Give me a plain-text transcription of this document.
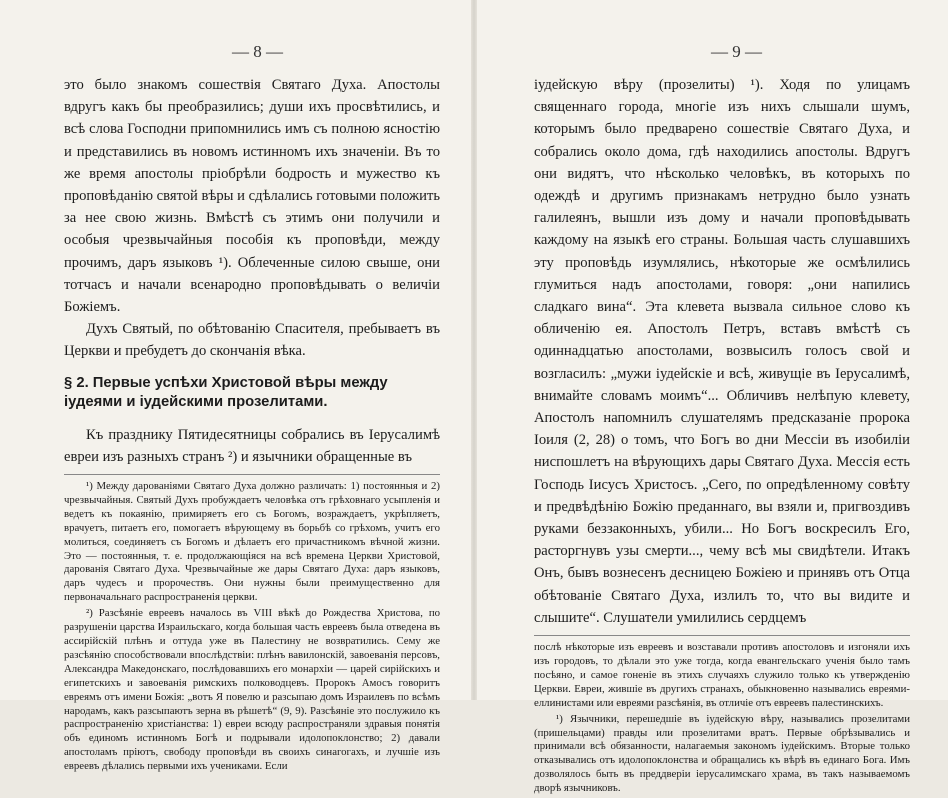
— 8 —

это было знакомъ сошествія Святаго Духа. Апостолы вдругъ какъ бы преобразились; души ихъ просвѣтились, и всѣ слова Господни припомнились имъ съ полною ясностію и представились въ новомъ истинномъ ихъ значеніи. Въ то же время апостолы пріобрѣли бодрость и мужество къ проповѣданію святой вѣры и сдѣлались готовыми положить за нее свою жизнь. Вмѣстѣ съ этимъ они получили и особыя чрезвычайныя пособія къ проповѣди, между прочимъ, даръ языковъ ¹). Облеченные силою свыше, они тотчасъ и начали всенародно проповѣдывать о величіи Божіемъ.

Духъ Святый, по обѣтованію Спасителя, пребываетъ въ Церкви и пребудетъ до скончанія вѣка.

§ 2. Первые успѣхи Христовой вѣры между іудеями и іудейскими прозелитами.

Къ празднику Пятидесятницы собрались въ Іерусалимѣ евреи изъ разныхъ странъ ²) и язычники обращенные въ

¹) Между дарованіями Святаго Духа должно различать: 1) постоянныя и 2) чрезвычайныя. Святый Духъ пробуждаетъ человѣка отъ грѣховнаго усыпленія и ведетъ къ покаянію, примиряетъ его съ Богомъ, возраждаетъ, укрѣпляетъ, врачуетъ, питаетъ его, помогаетъ вѣрующему въ борьбѣ со грѣхомъ, учитъ его молиться, соединяетъ съ Богомъ и дѣлаетъ его причастникомъ вѣчной жизни. Это — постоянныя, т. е. продолжающіяся на всѣ времена Церкви Христовой, дарованія Святаго Духа. Чрезвычайные же дары Святаго Духа: даръ языковъ, даръ чудесъ и пророчествъ. Они нужны были преимущественно для первоначальнаго распространенія церкви.

²) Разсѣяніе евреевъ началось въ VIII вѣкѣ до Рождества Христова, по разрушеніи царства Израильскаго, когда большая часть евреевъ была отведена въ ассирійскій плѣнъ и оттуда уже въ Палестину не возвратились. Сему же разсѣянію способствовали впослѣдствіи: плѣнъ вавилонскій, завоеванія персовъ, Александра Македонскаго, послѣдовавшихъ его монархіи — царей сирійскихъ и египетскихъ и завоеванія римскихъ полководцевъ. Пророкъ Амосъ говоритъ евреямъ отъ имени Божія: „вотъ Я повелю и разсыпаю домъ Израилевъ по всѣмъ народамъ, какъ разсыпаютъ зерна въ рѣшетѣ“ (9, 9). Разсѣяніе это послужило къ распространенію христіанства: 1) евреи всюду распространяли здравыя понятія объ единомъ истинномъ Богѣ и подрывали идолопоклонство; 2) давали апостоламъ пріютъ, свободу проповѣди въ своихъ синагогахъ, и лучшіе изъ евреевъ дѣлались первыми ихъ учениками. Если

— 9 —

іудейскую вѣру (прозелиты) ¹). Ходя по улицамъ священнаго города, многіе изъ нихъ слышали шумъ, которымъ было предварено сошествіе Святаго Духа, и собрались около дома, гдѣ находились апостолы. Вдругъ они видятъ, что нѣсколько человѣкъ, въ которыхъ по одеждѣ и другимъ признакамъ нетрудно было узнать галилеянъ, вышли изъ дому и начали проповѣдывать каждому на языкѣ его страны. Большая часть слушавшихъ эту проповѣдь изумлялись, нѣкоторые же осмѣлились глумиться надъ апостолами, говоря: „они напились сладкаго вина“. Эта клевета вызвала сильное слово къ обличенію ея. Апостолъ Петръ, вставъ вмѣстѣ съ одиннадцатью апостолами, возвысилъ голосъ свой и возгласилъ: „мужи іудейскіе и всѣ, живущіе въ Іерусалимѣ, внимайте словамъ моимъ“... Обличивъ нелѣпую клевету, Апостолъ напомнилъ слушателямъ предсказаніе пророка Іоиля (2, 28) о томъ, что Богъ во дни Мессіи въ изобиліи ниспошлетъ на вѣрующихъ дары Святаго Духа. Мессія есть Господь Іисусъ Христосъ. „Сего, по опредѣленному совѣту и предвѣдѣнію Божію преданнаго, вы взяли и, пригвоздивъ руками беззаконныхъ, убили... Но Богъ воскресилъ Его, расторгнувъ узы смерти..., чему всѣ мы свидѣтели. Итакъ Онъ, бывъ вознесенъ десницею Божіею и принявъ отъ Отца обѣтованіе Святаго Духа, излилъ то, что вы видите и слышите“. Слушатели умилились сердцемъ

послѣ нѣкоторые изъ евреевъ и возставали противъ апостоловъ и изгоняли ихъ изъ городовъ, то дѣлали это уже тогда, когда евангельскаго ученія было тамъ посѣяно, и самое гоненіе въ этихъ случаяхъ служило только къ утвержденію Церкви. Евреи, жившіе въ другихъ странахъ, обыкновенно назывались евреями-еллинистами или евреями разсѣянія, въ отличіе отъ евреевъ палестинскихъ.

¹) Язычники, перешедшіе въ іудейскую вѣру, назывались прозелитами (пришельцами) правды или прозелитами вратъ. Первые обрѣзывались и принимали всѣ обязанности, налагаемыя закономъ іудейскимъ. Вторые только отказывались отъ идолопоклонства и обращались къ вѣрѣ въ единаго Бога. Имъ дозволялось быть въ преддверіи іерусалимскаго храма, въ такъ называемомъ дворѣ язычниковъ.
